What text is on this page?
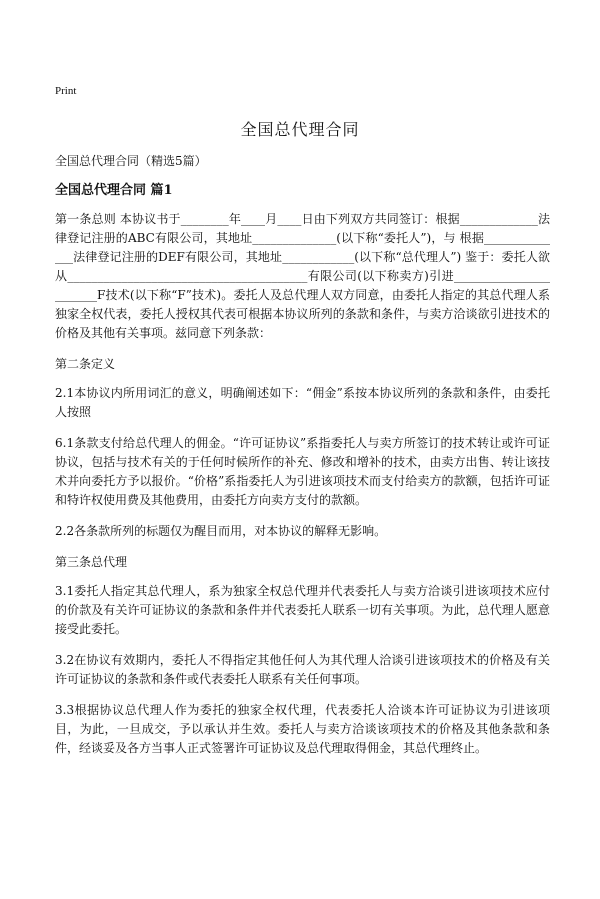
Print
全国总代理合同

全国总代理合同（精选5篇）

全国总代理合同 篇1

第一条总则 本协议书于________年____月____日由下列双方共同签订：根据_____________法律登记注册的ABC有限公司，其地址______________(以下称“委托人”)，与 根据______________法律登记注册的DEF有限公司，其地址____________(以下称“总代理人”) 鉴于：委托人欲从________________________________________有限公司(以下称卖方)引进_______________________F技术(以下称“F”技术)。委托人及总代理人双方同意，由委托人指定的其总代理人系独家全权代表，委托人授权其代表可根据本协议所列的条款和条件，与卖方洽谈欲引进技术的价格及其他有关事项。兹同意下列条款：

第二条定义

2.1本协议内所用词汇的意义，明确阐述如下：“佣金”系按本协议所列的条款和条件，由委托人按照

6.1条款支付给总代理人的佣金。“许可证协议”系指委托人与卖方所签订的技术转让或许可证协议，包括与技术有关的于任何时候所作的补充、修改和增补的技术，由卖方出售、转让该技术并向委托方予以报价。“价格”系指委托人为引进该项技术而支付给卖方的款额，包括许可证和特许权使用费及其他费用，由委托方向卖方支付的款额。

2.2各条款所列的标题仅为醒目而用，对本协议的解释无影响。

第三条总代理

3.1委托人指定其总代理人，系为独家全权总代理并代表委托人与卖方洽谈引进该项技术应付的价款及有关许可证协议的条款和条件并代表委托人联系一切有关事项。为此，总代理人愿意接受此委托。

3.2在协议有效期内，委托人不得指定其他任何人为其代理人洽谈引进该项技术的价格及有关许可证协议的条款和条件或代表委托人联系有关任何事项。

3.3根据协议总代理人作为委托的独家全权代理，代表委托人洽谈本许可证协议为引进该项目，为此，一旦成交，予以承认并生效。委托人与卖方洽谈该项技术的价格及其他条款和条件，经谈妥及各方当事人正式签署许可证协议及总代理取得佣金，其总代理终止。
